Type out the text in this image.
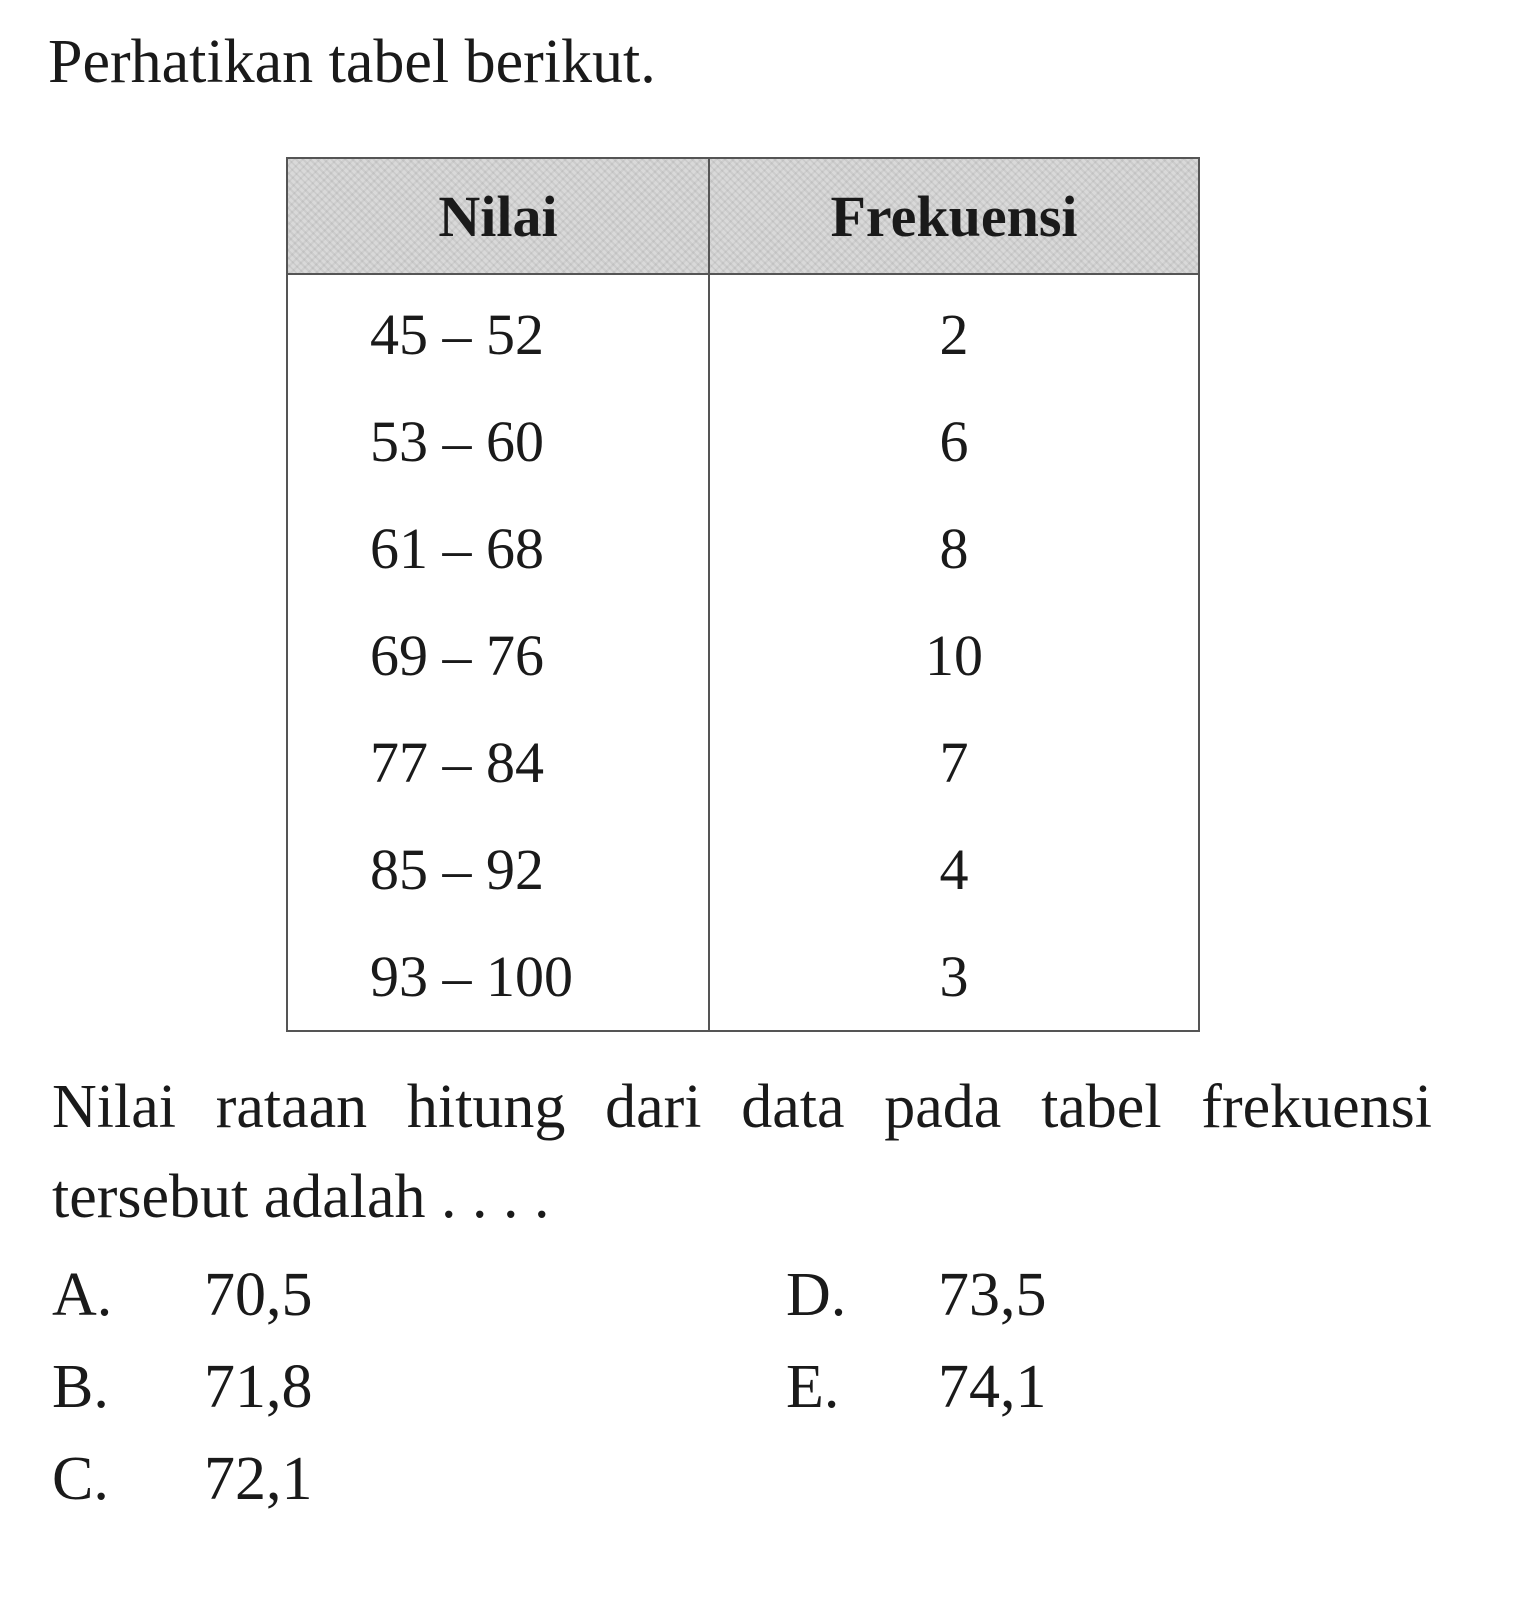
Perhatikan tabel berikut.

Nilai	Frekuensi
45 – 52	2
53 – 60	6
61 – 68	8
69 – 76	10
77 – 84	7
85 – 92	4
93 – 100	3

Nilai rataan hitung dari data pada tabel frekuensi tersebut adalah . . . .

A. 70,5
B. 71,8
C. 72,1
D. 73,5
E. 74,1
